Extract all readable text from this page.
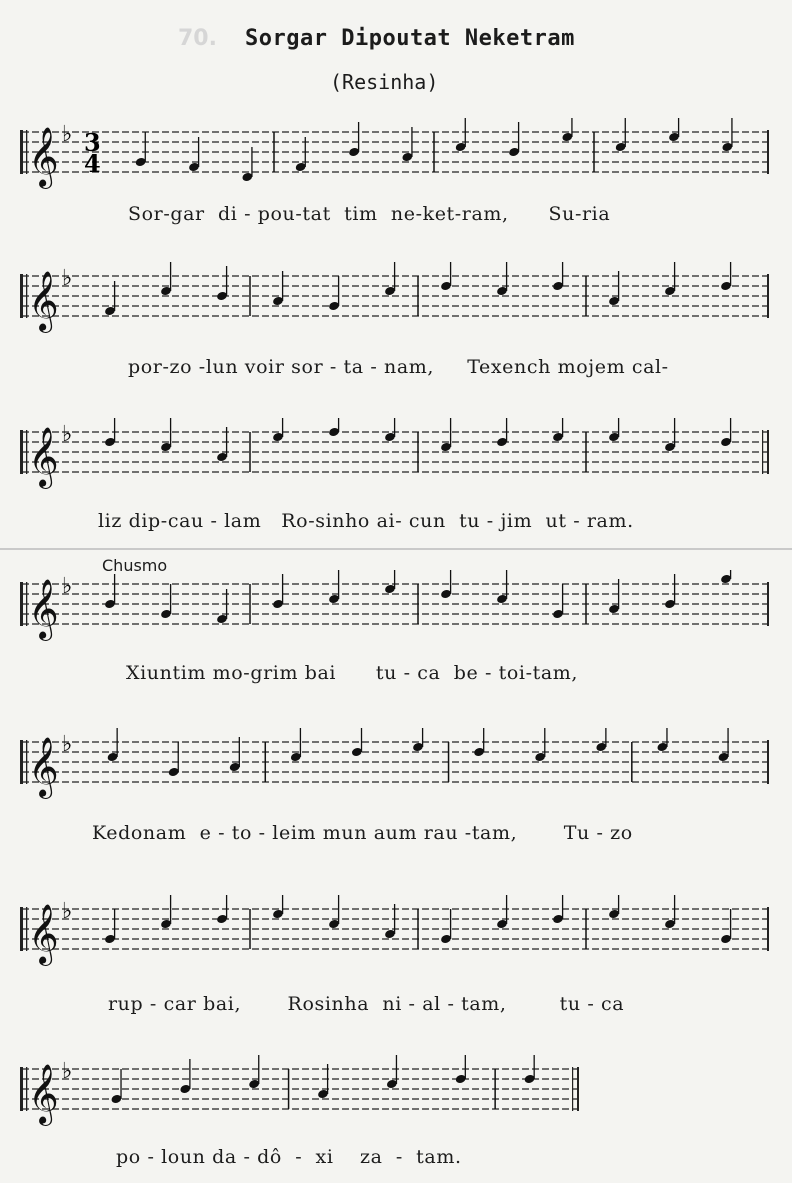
70. Sorgar Dipoutat Neketram
(Resinha)
Chusmo
𝄞 ♭ 3
4
Sor-gar  di - pou-tat  tim  ne-ket-ram,      Su-ria
𝄞 ♭
por-zo -lun voir sor - ta - nam,     Texench mojem cal-
𝄞 ♭
liz dip-cau - lam   Ro-sinho ai- cun  tu - jim  ut - ram.
𝄞 ♭
Xiuntim mo-grim bai      tu - ca  be - toi-tam,
𝄞 ♭
Kedonam  e - to - leim mun aum rau -tam,       Tu - zo
𝄞 ♭
rup - car bai,       Rosinha  ni - al - tam,        tu - ca
𝄞 ♭
po - loun da - dô  -  xi    za  -  tam.
